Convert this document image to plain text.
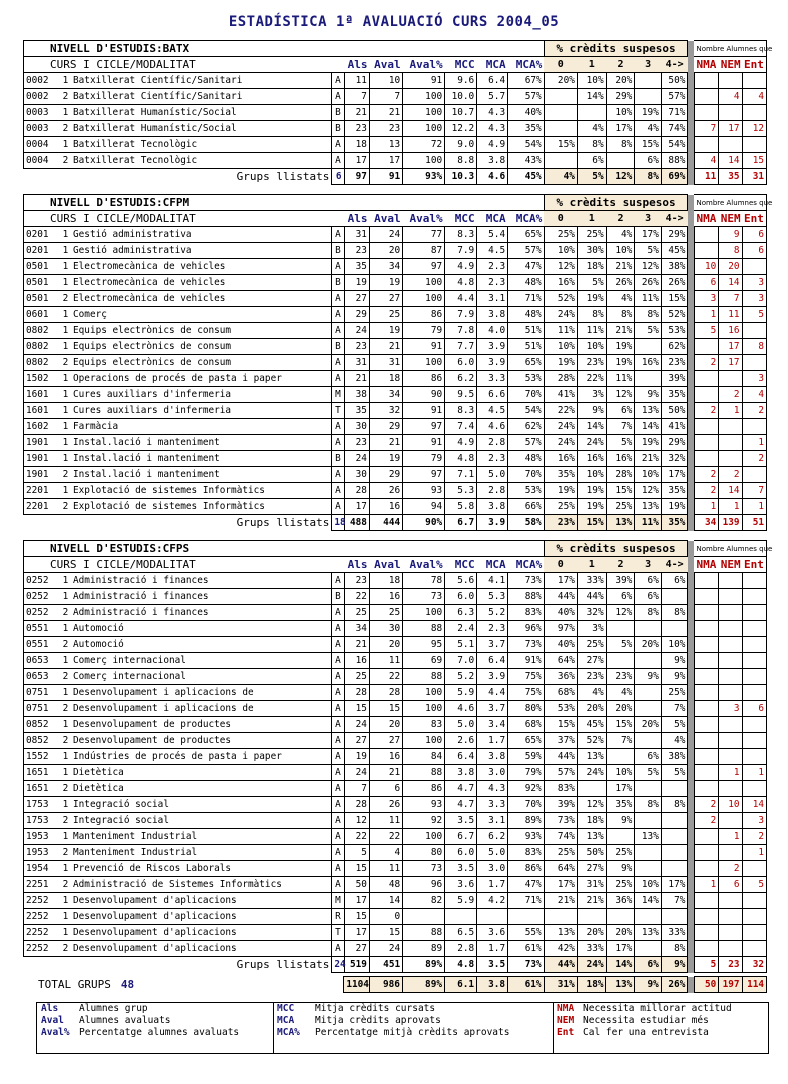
ESTADÍSTICA 1ª AVALUACIÓ CURS 2004_05
NIVELL D'ESTUDIS:BATX										% crèdits suspesos						Nombre Alumnes que		

CURS I CICLE/MODALITAT				Als	Aval	Aval%	MCC	MCA	MCA%	0	1	2	3	4->		NMA	NEM	Ent
0002	1	Batxillerat Científic/Sanitari	A	11	10	91	9.6	6.4	67%	20%	10%	20%		50%				
0002	2	Batxillerat Científic/Sanitari	A	7	7	100	10.0	5.7	57%		14%	29%		57%			4	4
0003	1	Batxillerat Humanístic/Social	B	21	21	100	10.7	4.3	40%			10%	19%	71%				
0003	2	Batxillerat Humanístic/Social	B	23	23	100	12.2	4.3	35%		4%	17%	4%	74%		7	17	12
0004	1	Batxillerat Tecnològic	A	18	13	72	9.0	4.9	54%	15%	8%	8%	15%	54%				
0004	2	Batxillerat Tecnològic	A	17	17	100	8.8	3.8	43%		6%		6%	88%		4	14	15
Grups llistats			6	97	91	93%	10.3	4.6	45%	4%	5%	12%	8%	69%		11	35	31
NIVELL D'ESTUDIS:CFPM										% crèdits suspesos						Nombre Alumnes que		

CURS I CICLE/MODALITAT				Als	Aval	Aval%	MCC	MCA	MCA%	0	1	2	3	4->		NMA	NEM	Ent
0201	1	Gestió administrativa	A	31	24	77	8.3	5.4	65%	25%	25%	4%	17%	29%			9	6
0201	1	Gestió administrativa	B	23	20	87	7.9	4.5	57%	10%	30%	10%	5%	45%			8	6
0501	1	Electromecànica de vehicles	A	35	34	97	4.9	2.3	47%	12%	18%	21%	12%	38%		10	20	
0501	1	Electromecànica de vehicles	B	19	19	100	4.8	2.3	48%	16%	5%	26%	26%	26%		6	14	3
0501	2	Electromecànica de vehicles	A	27	27	100	4.4	3.1	71%	52%	19%	4%	11%	15%		3	7	3
0601	1	Comerç	A	29	25	86	7.9	3.8	48%	24%	8%	8%	8%	52%		1	11	5
0802	1	Equips electrònics de consum	A	24	19	79	7.8	4.0	51%	11%	11%	21%	5%	53%		5	16	
0802	1	Equips electrònics de consum	B	23	21	91	7.7	3.9	51%	10%	10%	19%		62%			17	8
0802	2	Equips electrònics de consum	A	31	31	100	6.0	3.9	65%	19%	23%	19%	16%	23%		2	17	
1502	1	Operacions de procés de pasta i paper	A	21	18	86	6.2	3.3	53%	28%	22%	11%		39%				3
1601	1	Cures auxiliars d'infermeria	M	38	34	90	9.5	6.6	70%	41%	3%	12%	9%	35%			2	4
1601	1	Cures auxiliars d'infermeria	T	35	32	91	8.3	4.5	54%	22%	9%	6%	13%	50%		2	1	2
1602	1	Farmàcia	A	30	29	97	7.4	4.6	62%	24%	14%	7%	14%	41%				
1901	1	Instal.lació i manteniment	A	23	21	91	4.9	2.8	57%	24%	24%	5%	19%	29%				1
1901	1	Instal.lació i manteniment	B	24	19	79	4.8	2.3	48%	16%	16%	16%	21%	32%				2
1901	2	Instal.lació i manteniment	A	30	29	97	7.1	5.0	70%	35%	10%	28%	10%	17%		2	2	
2201	1	Explotació de sistemes Informàtics	A	28	26	93	5.3	2.8	53%	19%	19%	15%	12%	35%		2	14	7
2201	2	Explotació de sistemes Informàtics	A	17	16	94	5.8	3.8	66%	25%	19%	25%	13%	19%		1	1	1
Grups llistats			18	488	444	90%	6.7	3.9	58%	23%	15%	13%	11%	35%		34	139	51
NIVELL D'ESTUDIS:CFPS										% crèdits suspesos						Nombre Alumnes que		

CURS I CICLE/MODALITAT				Als	Aval	Aval%	MCC	MCA	MCA%	0	1	2	3	4->		NMA	NEM	Ent
0252	1	Administració i finances	A	23	18	78	5.6	4.1	73%	17%	33%	39%	6%	6%				
0252	1	Administració i finances	B	22	16	73	6.0	5.3	88%	44%	44%	6%	6%					
0252	2	Administració i finances	A	25	25	100	6.3	5.2	83%	40%	32%	12%	8%	8%				
0551	1	Automoció	A	34	30	88	2.4	2.3	96%	97%	3%							
0551	2	Automoció	A	21	20	95	5.1	3.7	73%	40%	25%	5%	20%	10%				
0653	1	Comerç internacional	A	16	11	69	7.0	6.4	91%	64%	27%			9%				
0653	2	Comerç internacional	A	25	22	88	5.2	3.9	75%	36%	23%	23%	9%	9%				
0751	1	Desenvolupament i aplicacions de	A	28	28	100	5.9	4.4	75%	68%	4%	4%		25%				
0751	2	Desenvolupament i aplicacions de	A	15	15	100	4.6	3.7	80%	53%	20%	20%		7%			3	6
0852	1	Desenvolupament de productes	A	24	20	83	5.0	3.4	68%	15%	45%	15%	20%	5%				
0852	2	Desenvolupament de productes	A	27	27	100	2.6	1.7	65%	37%	52%	7%		4%				
1552	1	Indústries de procés de pasta i paper	A	19	16	84	6.4	3.8	59%	44%	13%		6%	38%				
1651	1	Dietètica	A	24	21	88	3.8	3.0	79%	57%	24%	10%	5%	5%			1	1
1651	2	Dietètica	A	7	6	86	4.7	4.3	92%	83%		17%						
1753	1	Integració social	A	28	26	93	4.7	3.3	70%	39%	12%	35%	8%	8%		2	10	14
1753	2	Integració social	A	12	11	92	3.5	3.1	89%	73%	18%	9%				2		3
1953	1	Manteniment Industrial	A	22	22	100	6.7	6.2	93%	74%	13%		13%				1	2
1953	2	Manteniment Industrial	A	5	4	80	6.0	5.0	83%	25%	50%	25%						1
1954	1	Prevenció de Riscos Laborals	A	15	11	73	3.5	3.0	86%	64%	27%	9%					2	
2251	2	Administració de Sistemes Informàtics	A	50	48	96	3.6	1.7	47%	17%	31%	25%	10%	17%		1	6	5
2252	1	Desenvolupament d'aplicacions	M	17	14	82	5.9	4.2	71%	21%	21%	36%	14%	7%				
2252	1	Desenvolupament d'aplicacions	R	15	0													
2252	1	Desenvolupament d'aplicacions	T	17	15	88	6.5	3.6	55%	13%	20%	20%	13%	33%				
2252	2	Desenvolupament d'aplicacions	A	27	24	89	2.8	1.7	61%	42%	33%	17%		8%				
Grups llistats			24	519	451	89%	4.8	3.5	73%	44%	24%	14%	6%	9%		5	23	32
TOTAL GRUPS 48
		1104	986	89%	6.1	3.8	61%	31%	18%	13%	9%	26%		50	197	114
Als Alumnes grup
Aval Alumnes avaluats
Aval% Percentatge alumnes avaluats
MCC Mitja crèdits cursats
MCA Mitja crèdits aprovats
MCA% Percentatge mitjà crèdits aprovats
NMA Necessita millorar actitud
NEM Necessita estudiar més
Ent Cal fer una entrevista
